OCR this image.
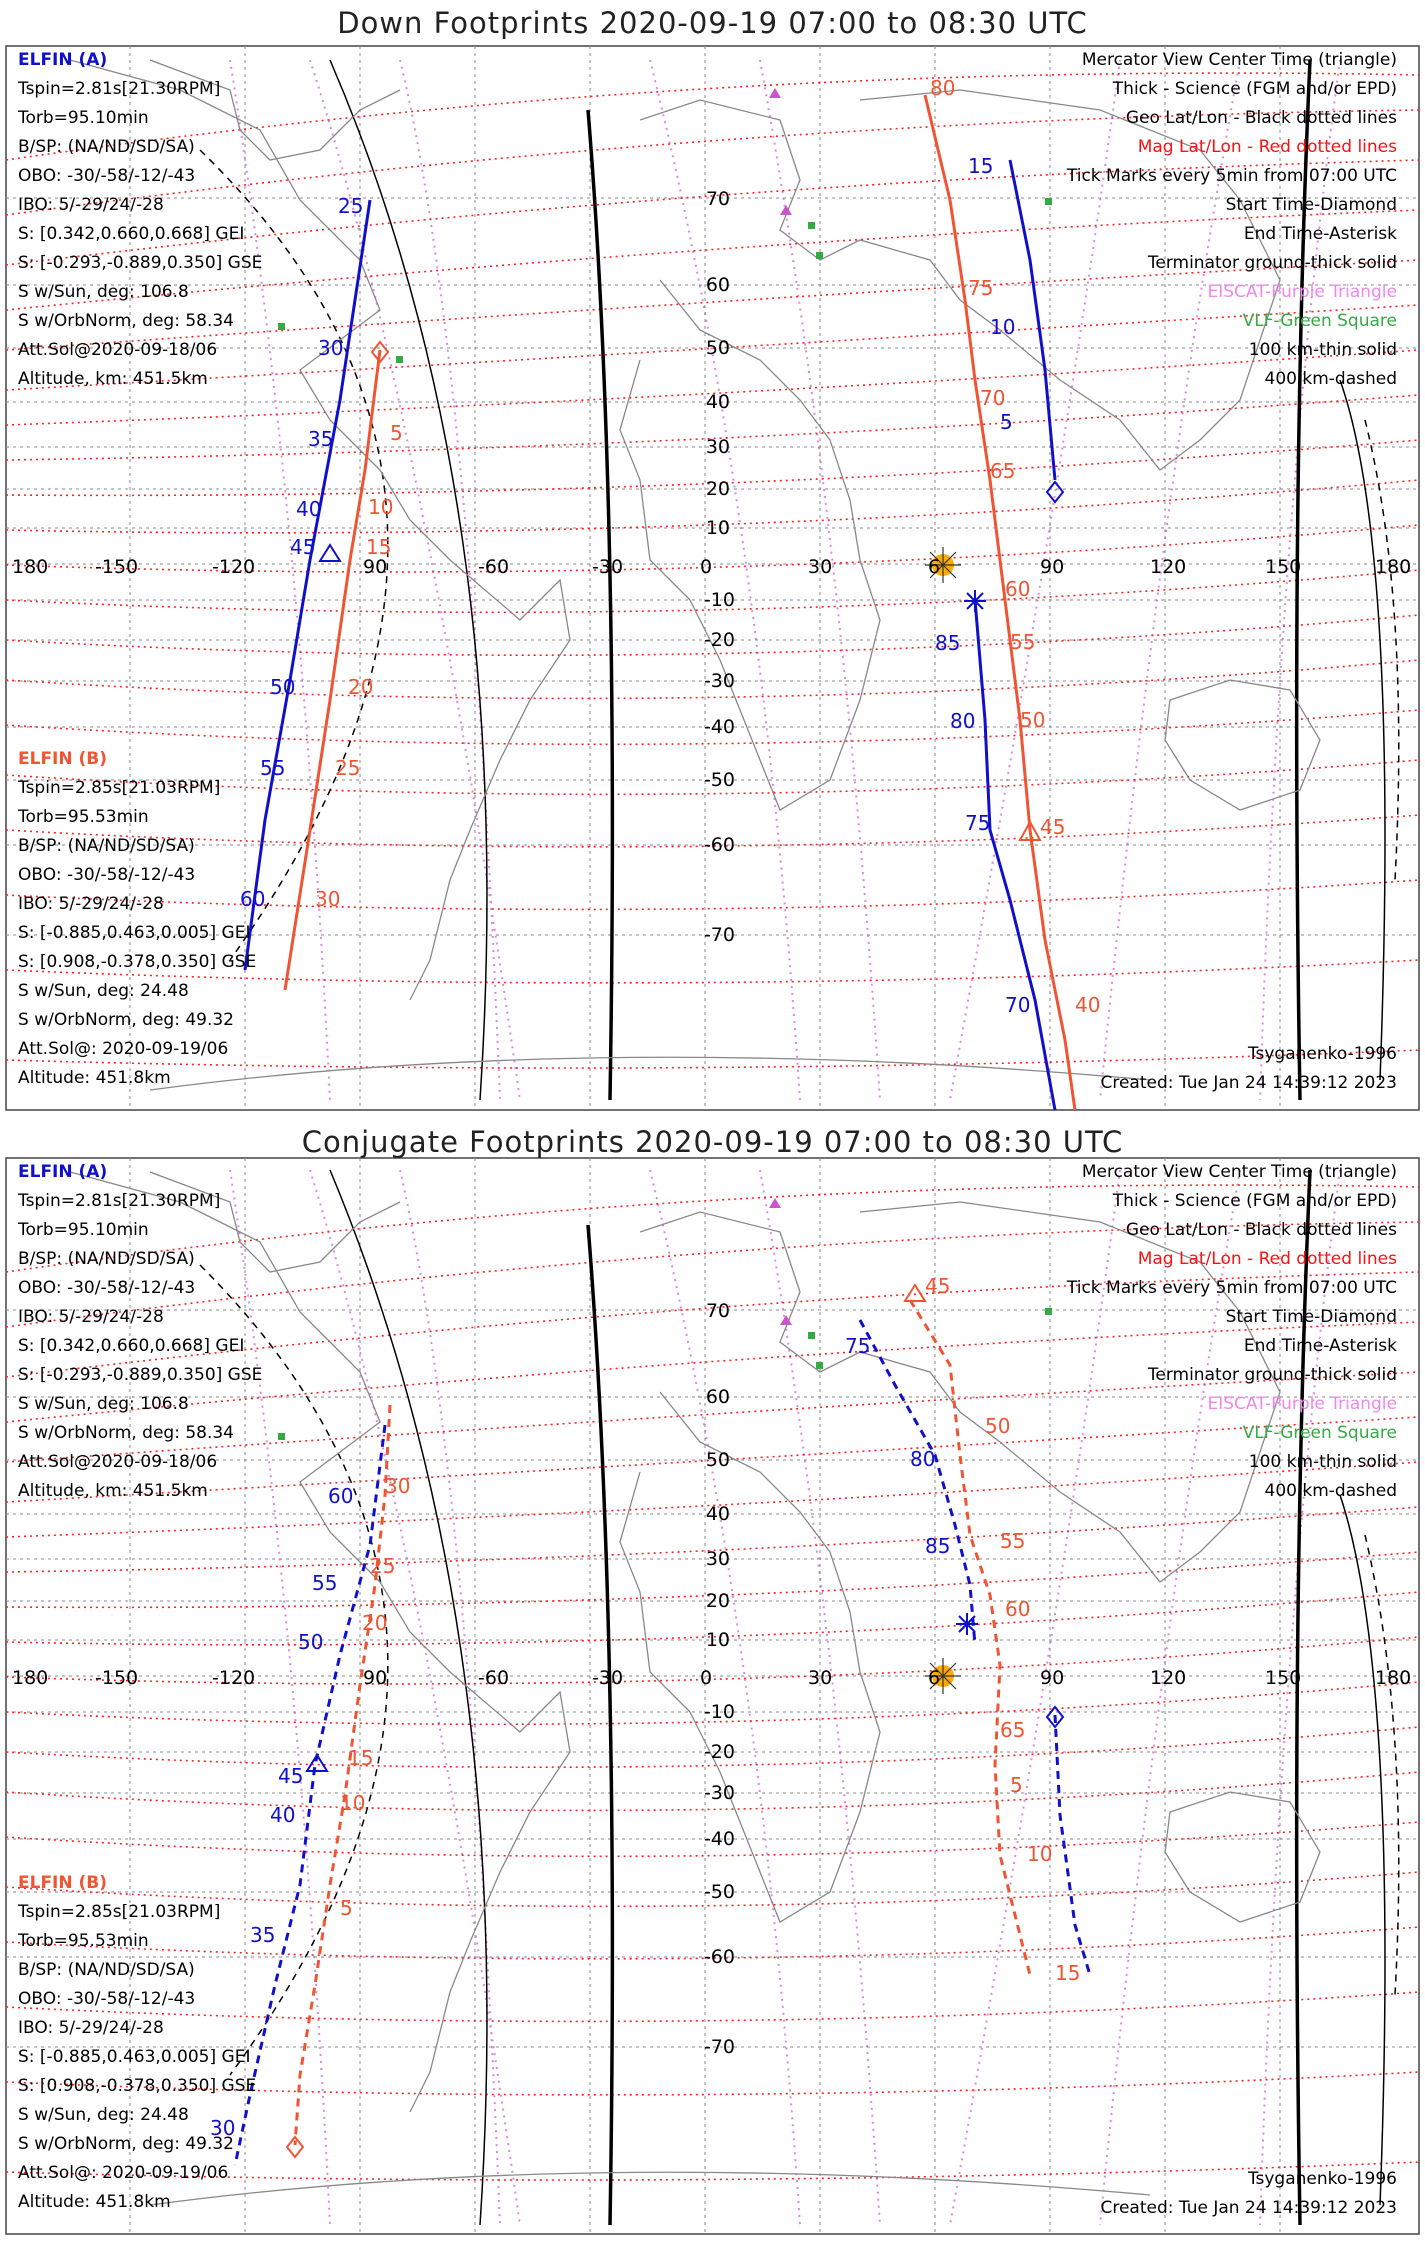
180 -150	-120	90	-60	-30	0	30	6	90	120	150	180
70
60
50
40
30
20
10
-10
-20
-30
-40
-50
-60
-70
25
30
35
40
45
50
55
60
15
10
5
85
80
75
70
5
10
15
20
25
30
80
75
70
65
60
55
50
45
40
Down Footprints 2020-09-19 07:00 to 08:30 UTC
ELFIN (A)
Tspin=2.81s[21.30RPM]
Torb=95.10min
B/SP: (NA/ND/SD/SA)
OBO: -30/-58/-12/-43
IBO: 5/-29/24/-28
S: [0.342,0.660,0.668] GEI
S: [-0.293,-0.889,0.350] GSE
S w/Sun, deg: 106.8
S w/OrbNorm, deg: 58.34
Att.Sol@2020-09-18/06
Altitude, km: 451.5km
ELFIN (B)
Tspin=2.85s[21.03RPM]
Torb=95.53min
B/SP: (NA/ND/SD/SA)
OBO: -30/-58/-12/-43
IBO: 5/-29/24/-28
S: [-0.885,0.463,0.005] GEI
S: [0.908,-0.378,0.350] GSE
S w/Sun, deg: 24.48
S w/OrbNorm, deg: 49.32
Att.Sol@: 2020-09-19/06
Altitude: 451.8km
Mercator View Center Time (triangle)
Thick - Science (FGM and/or EPD)
Geo Lat/Lon - Black dotted lines
Mag Lat/Lon - Red dotted lines
Tick Marks every 5min from 07:00 UTC
Start Time-Diamond
End Time-Asterisk
Terminator ground-thick solid
EISCAT-Purple Triangle
VLF-Green Square
100 km-thin solid
400 km-dashed
Tsyganenko-1996
Created: Tue Jan 24 14:39:12 2023
180 -150	-120	90	-60	-30	0	30	6	90	120	150	180
70
60
50
40
30
20
10
-10
-20
-30
-40
-50
-60
-70
60
55
50
45
40
35
30
75
80
85
30
25
20
15
10
5
45
50
55
60
65
5
10
15
Conjugate Footprints 2020-09-19 07:00 to 08:30 UTC
ELFIN (A)
Tspin=2.81s[21.30RPM]
Torb=95.10min
B/SP: (NA/ND/SD/SA)
OBO: -30/-58/-12/-43
IBO: 5/-29/24/-28
S: [0.342,0.660,0.668] GEI
S: [-0.293,-0.889,0.350] GSE
S w/Sun, deg: 106.8
S w/OrbNorm, deg: 58.34
Att.Sol@2020-09-18/06
Altitude, km: 451.5km
ELFIN (B)
Tspin=2.85s[21.03RPM]
Torb=95.53min
B/SP: (NA/ND/SD/SA)
OBO: -30/-58/-12/-43
IBO: 5/-29/24/-28
S: [-0.885,0.463,0.005] GEI
S: [0.908,-0.378,0.350] GSE
S w/Sun, deg: 24.48
S w/OrbNorm, deg: 49.32
Att.Sol@: 2020-09-19/06
Altitude: 451.8km
Mercator View Center Time (triangle)
Thick - Science (FGM and/or EPD)
Geo Lat/Lon - Black dotted lines
Mag Lat/Lon - Red dotted lines
Tick Marks every 5min from 07:00 UTC
Start Time-Diamond
End Time-Asterisk
Terminator ground-thick solid
EISCAT-Purple Triangle
VLF-Green Square
100 km-thin solid
400 km-dashed
Tsyganenko-1996
Created: Tue Jan 24 14:39:12 2023
